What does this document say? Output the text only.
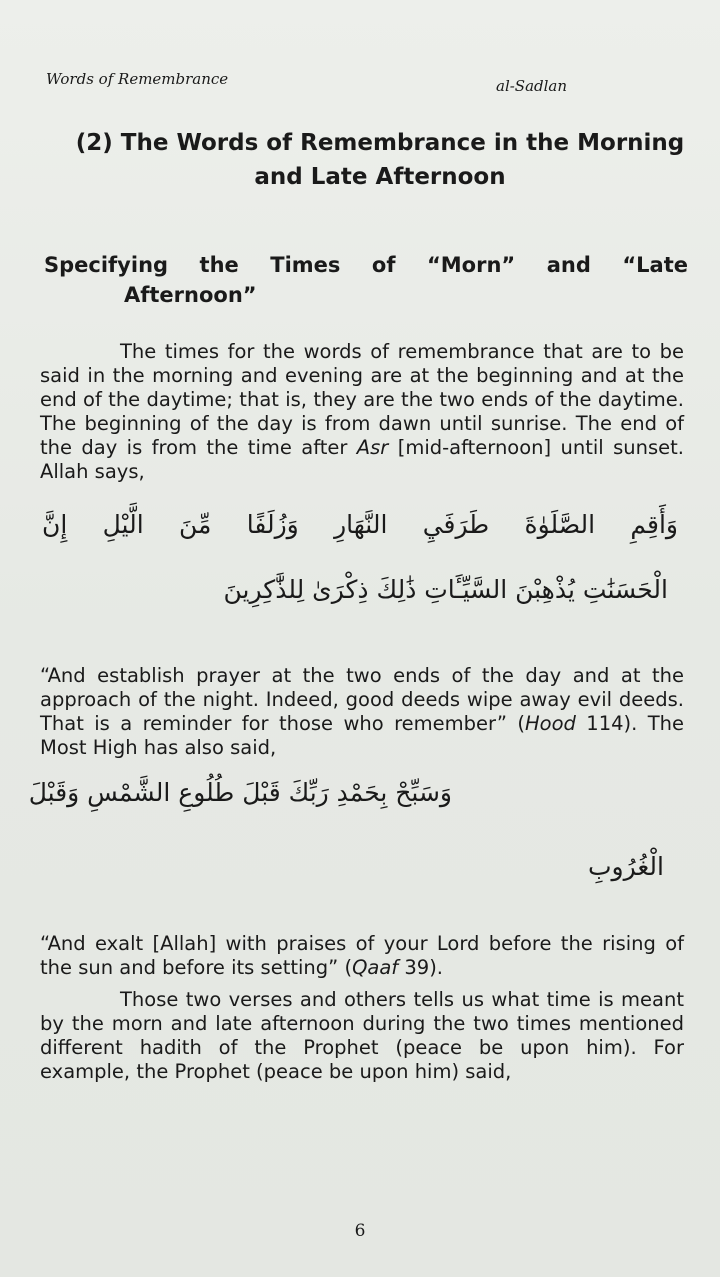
Words of Remembrance	al-Sadlan
(2) The Words of Remembrance in the Morning
and Late Afternoon
Specifying the Times of “Morn” and “Late
Afternoon”

The times for the words of remembrance that are to be said in the morning and evening are at the beginning and at the end of the daytime; that is, they are the two ends of the daytime. The beginning of the day is from dawn until sunrise. The end of the day is from the time after Asr [mid-afternoon] until sunset. Allah says,

وَأَقِمِ الصَّلَوٰةَ طَرَفَيِ النَّهَارِ وَزُلَفًا مِّنَ الَّيْلِ إِنَّ

الْحَسَنَٰتِ يُذْهِبْنَ السَّيِّـَٔاتِ ذَٰلِكَ ذِكْرَىٰ لِلذَّٰكِرِينَ

“And establish prayer at the two ends of the day and at the approach of the night. Indeed, good deeds wipe away evil deeds. That is a reminder for those who remember” (Hood 114). The Most High has also said,

وَسَبِّحْ بِحَمْدِ رَبِّكَ قَبْلَ طُلُوعِ الشَّمْسِ وَقَبْلَ

الْغُرُوبِ

“And exalt [Allah] with praises of your Lord before the rising of the sun and before its setting” (Qaaf 39).

Those two verses and others tells us what time is meant by the morn and late afternoon during the two times mentioned different hadith of the Prophet (peace be upon him). For example, the Prophet (peace be upon him) said,

6
